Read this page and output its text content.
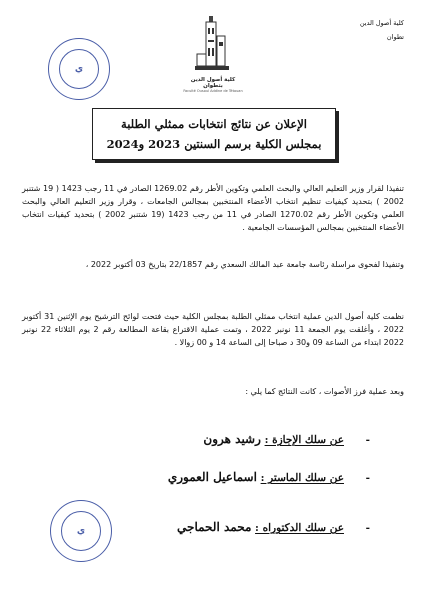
كلية أصول الدين
تطوان
ي
كلية أصول الدين بتطوان
Faculté Ousoul Addine de Tétouan
الإعلان عن نتائج انتخابات ممثلي الطلبة
بمجلس الكلية برسم السنتين 2023 و2024
تنفيذا لقرار وزير التعليم العالي والبحث العلمي وتكوين الأطر رقم 1269.02 الصادر في 11 رجب 1423 ( 19 شتنبر 2002 ) بتحديد كيفيات تنظيم انتخاب الأعضاء المنتخبين بمجالس الجامعات ، وقرار وزير التعليم العالي والبحث العلمي وتكوين الأطر رقم 1270.02 الصادر في 11 من رجب 1423 (19 شتنبر 2002 ) بتحديد كيفيات انتخاب الأعضاء المنتخبين بمجالس المؤسسات الجامعية .
وتنفيذا لفحوى مراسلة رئاسة جامعة عبد المالك السعدي رقم 22/1857 بتاريخ 03 أكتوبر 2022 ،
نظمت كلية أصول الدين عملية انتخاب ممثلي الطلبة بمجلس الكلية حيث فتحت لوائح الترشيح يوم الإثنين 31 أكتوبر 2022 ، وأغلقت يوم الجمعة 11 نونبر 2022 ، وتمت عملية الاقتراع بقاعة المطالعة رقم 2 يوم الثلاثاء 22 نونبر 2022 ابتداء من الساعة 09 و30 د صباحا إلى الساعة 14 و 00 زوالا .
وبعد عملية فرز الأصوات ، كانت النتائج كما يلي :
- عن سلك الإجازة : رشيد هرون
- عن سلك الماستر : اسماعيل العموري
- عن سلك الدكتوراه : محمد الحماجي
ي
